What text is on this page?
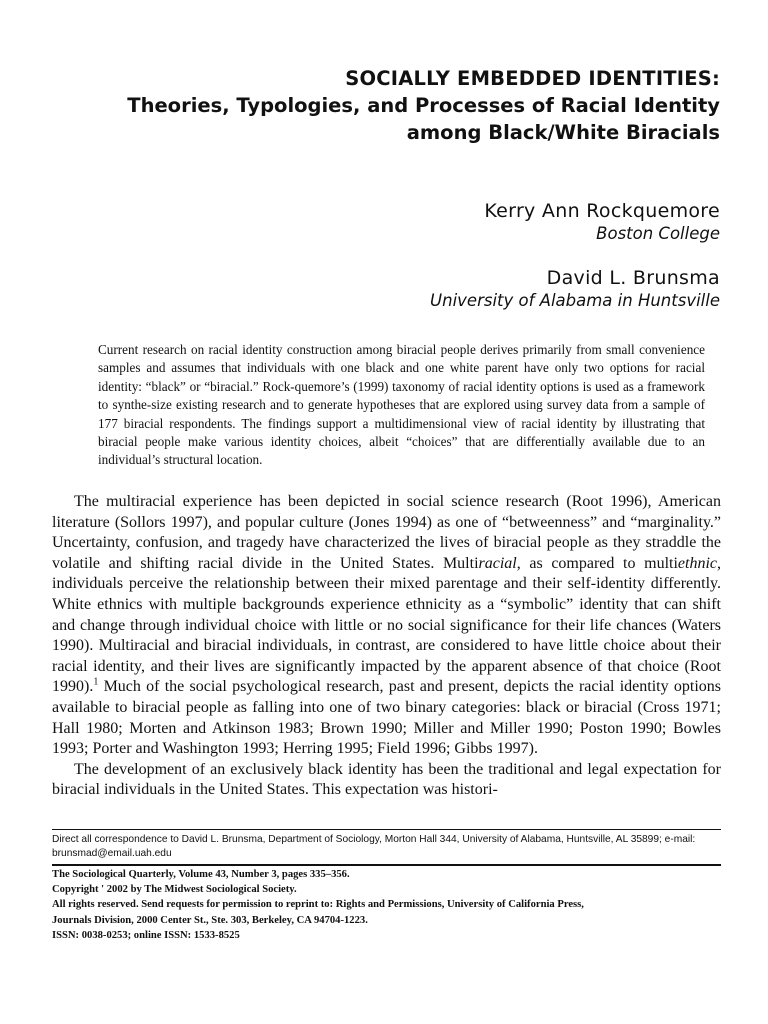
SOCIALLY EMBEDDED IDENTITIES:
Theories, Typologies, and Processes of Racial Identity
among Black/White Biracials
Kerry Ann Rockquemore
Boston College
David L. Brunsma
University of Alabama in Huntsville

Current research on racial identity construction among biracial people derives primarily from small convenience samples and assumes that individuals with one black and one white parent have only two options for racial identity: “black” or “biracial.” Rock-quemore’s (1999) taxonomy of racial identity options is used as a framework to synthe-size existing research and to generate hypotheses that are explored using survey data from a sample of 177 biracial respondents. The findings support a multidimensional view of racial identity by illustrating that biracial people make various identity choices, albeit “choices” that are differentially available due to an individual’s structural location.

The multiracial experience has been depicted in social science research (Root 1996), American literature (Sollors 1997), and popular culture (Jones 1994) as one of “betweenness” and “marginality.” Uncertainty, confusion, and tragedy have characterized the lives of biracial people as they straddle the volatile and shifting racial divide in the United States. Multiracial, as compared to multiethnic, individuals perceive the relationship between their mixed parentage and their self-identity differently. White ethnics with multiple backgrounds experience ethnicity as a “symbolic” identity that can shift and change through individual choice with little or no social significance for their life chances (Waters 1990). Multiracial and biracial individuals, in contrast, are considered to have little choice about their racial identity, and their lives are significantly impacted by the apparent absence of that choice (Root 1990).$^1$ Much of the social psychological research, past and present, depicts the racial identity options available to biracial people as falling into one of two binary categories: black or biracial (Cross 1971; Hall 1980; Morten and Atkinson 1983; Brown 1990; Miller and Miller 1990; Poston 1990; Bowles 1993; Porter and Washington 1993; Herring 1995; Field 1996; Gibbs 1997).

The development of an exclusively black identity has been the traditional and legal expectation for biracial individuals in the United States. This expectation was histori-

Direct all correspondence to David L. Brunsma, Department of Sociology, Morton Hall 344, University of Alabama, Huntsville, AL 35899; e-mail: brunsmad@email.uah.edu

The Sociological Quarterly, Volume 43, Number 3, pages 335–356.
Copyright ' 2002 by The Midwest Sociological Society.
All rights reserved. Send requests for permission to reprint to: Rights and Permissions, University of California Press,
Journals Division, 2000 Center St., Ste. 303, Berkeley, CA 94704-1223.
ISSN: 0038-0253; online ISSN: 1533-8525
